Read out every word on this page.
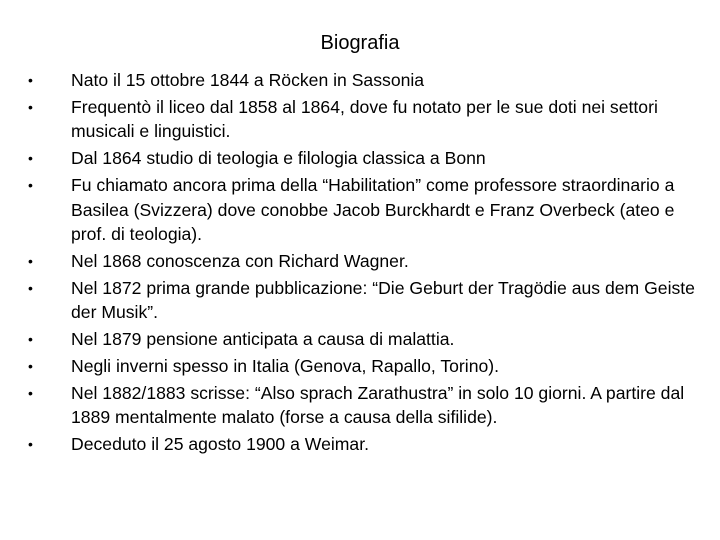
Biografia
• Nato il 15 ottobre 1844 a Röcken in Sassonia
• Frequentò il liceo dal 1858 al 1864, dove fu notato per le sue doti nei settori musicali e linguistici.
• Dal 1864 studio di teologia e filologia classica a Bonn
• Fu chiamato ancora prima della “Habilitation” come professore straordinario a Basilea (Svizzera) dove conobbe Jacob Burckhardt e Franz Overbeck (ateo e prof. di teologia).
• Nel 1868 conoscenza con Richard Wagner.
• Nel 1872 prima grande pubblicazione: “Die Geburt der Tragödie aus dem Geiste der Musik”.
• Nel 1879 pensione anticipata a causa di malattia.
• Negli inverni spesso in Italia (Genova, Rapallo, Torino).
• Nel 1882/1883 scrisse: “Also sprach Zarathustra” in solo 10 giorni. A partire dal 1889 mentalmente malato (forse a causa della sifilide).
• Deceduto il 25 agosto 1900 a Weimar.
